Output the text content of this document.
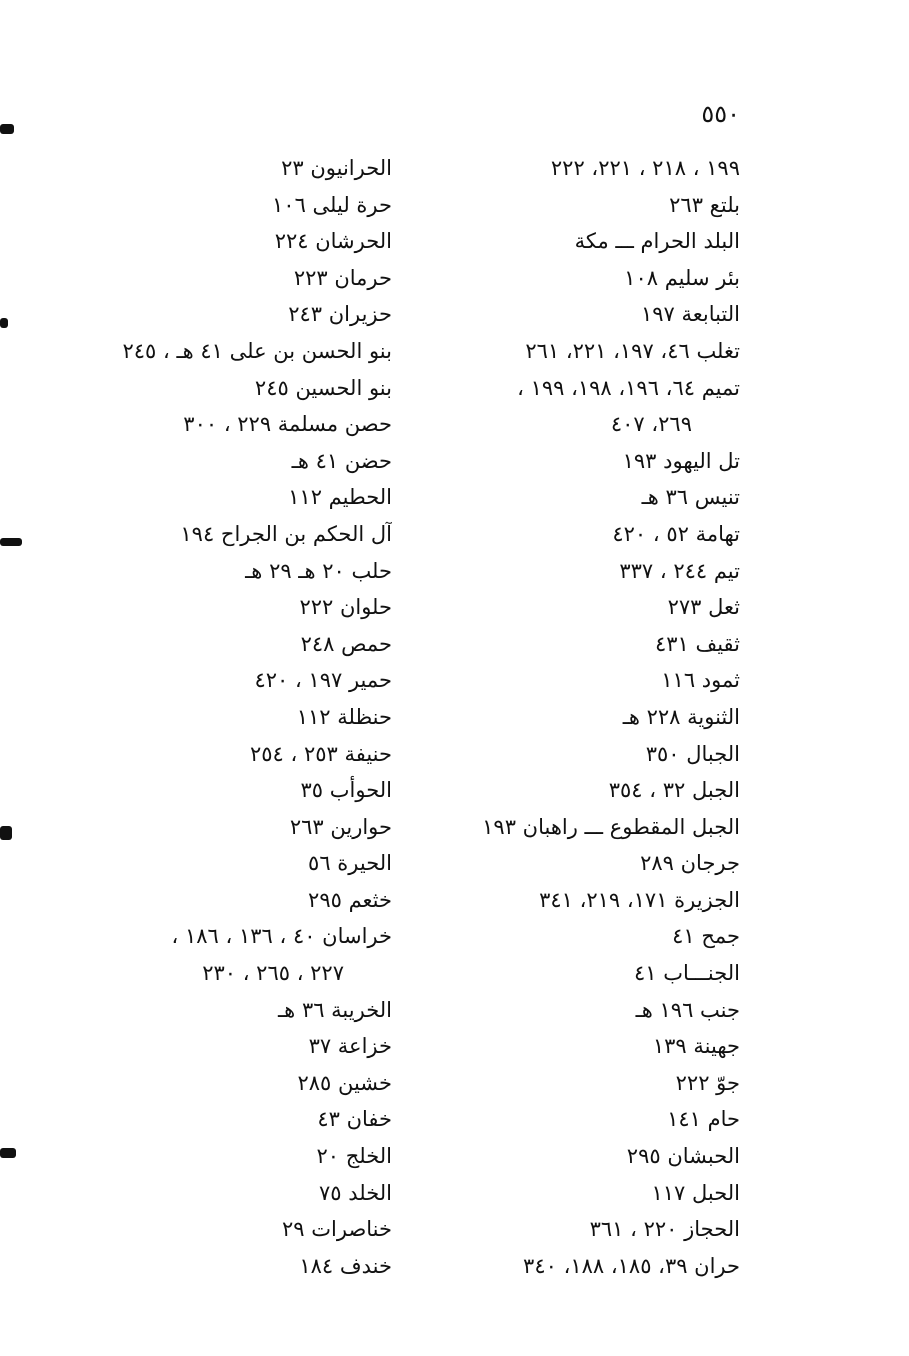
٥٥٠
١٩٩ ، ٢١٨ ، ٢٢١، ٢٢٢
بلتع ٢٦٣
البلد الحرام ـــ مكة
بئر سليم ١٠٨
التبابعة ١٩٧
تغلب ٤٦، ١٩٧، ٢٢١، ٢٦١
تميم ٦٤، ١٩٦، ١٩٨، ١٩٩ ،
٢٦٩، ٤٠٧
تل اليهود ١٩٣
تنيس ٣٦ هـ
تهامة ٥٢ ، ٤٢٠
تيم ٢٤٤ ، ٣٣٧
ثعل ٢٧٣
ثقيف ٤٣١
ثمود ١١٦
الثنوية ٢٢٨ هـ
الجبال ٣٥٠
الجبل ٣٢ ، ٣٥٤
الجبل المقطوع ـــ راهبان ١٩٣
جرجان ٢٨٩
الجزيرة ١٧١، ٢١٩، ٣٤١
جمح ٤١
الجنـــاب ٤١
جنب ١٩٦ هـ
جهينة ١٣٩
جوّ ٢٢٢
حام ١٤١
الحبشان ٢٩٥
الحبل ١١٧
الحجاز ٢٢٠ ، ٣٦١
حران ٣٩، ١٨٥، ١٨٨، ٣٤٠
الحرانيون ٢٣
حرة ليلى ١٠٦
الحرشان ٢٢٤
حرمان ٢٢٣
حزيران ٢٤٣
بنو الحسن بن على ٤١ هـ ، ٢٤٥
بنو الحسين ٢٤٥
حصن مسلمة ٢٢٩ ، ٣٠٠
حضن ٤١ هـ
الحطيم ١١٢
آل الحكم بن الجراح ١٩٤
حلب ٢٠ هـ ٢٩ هـ
حلوان ٢٢٢
حمص ٢٤٨
حمير ١٩٧ ، ٤٢٠
حنظلة ١١٢
حنيفة ٢٥٣ ، ٢٥٤
الحوأب ٣٥
حوارين ٢٦٣
الحيرة ٥٦
خثعم ٢٩٥
خراسان ٤٠ ، ١٣٦ ، ١٨٦ ،
٢٢٧ ، ٢٦٥ ، ٢٣٠
الخريبة ٣٦ هـ
خزاعة ٣٧
خشين ٢٨٥
خفان ٤٣
الخلج ٢٠
الخلد ٧٥
خناصرات ٢٩
خندف ١٨٤
